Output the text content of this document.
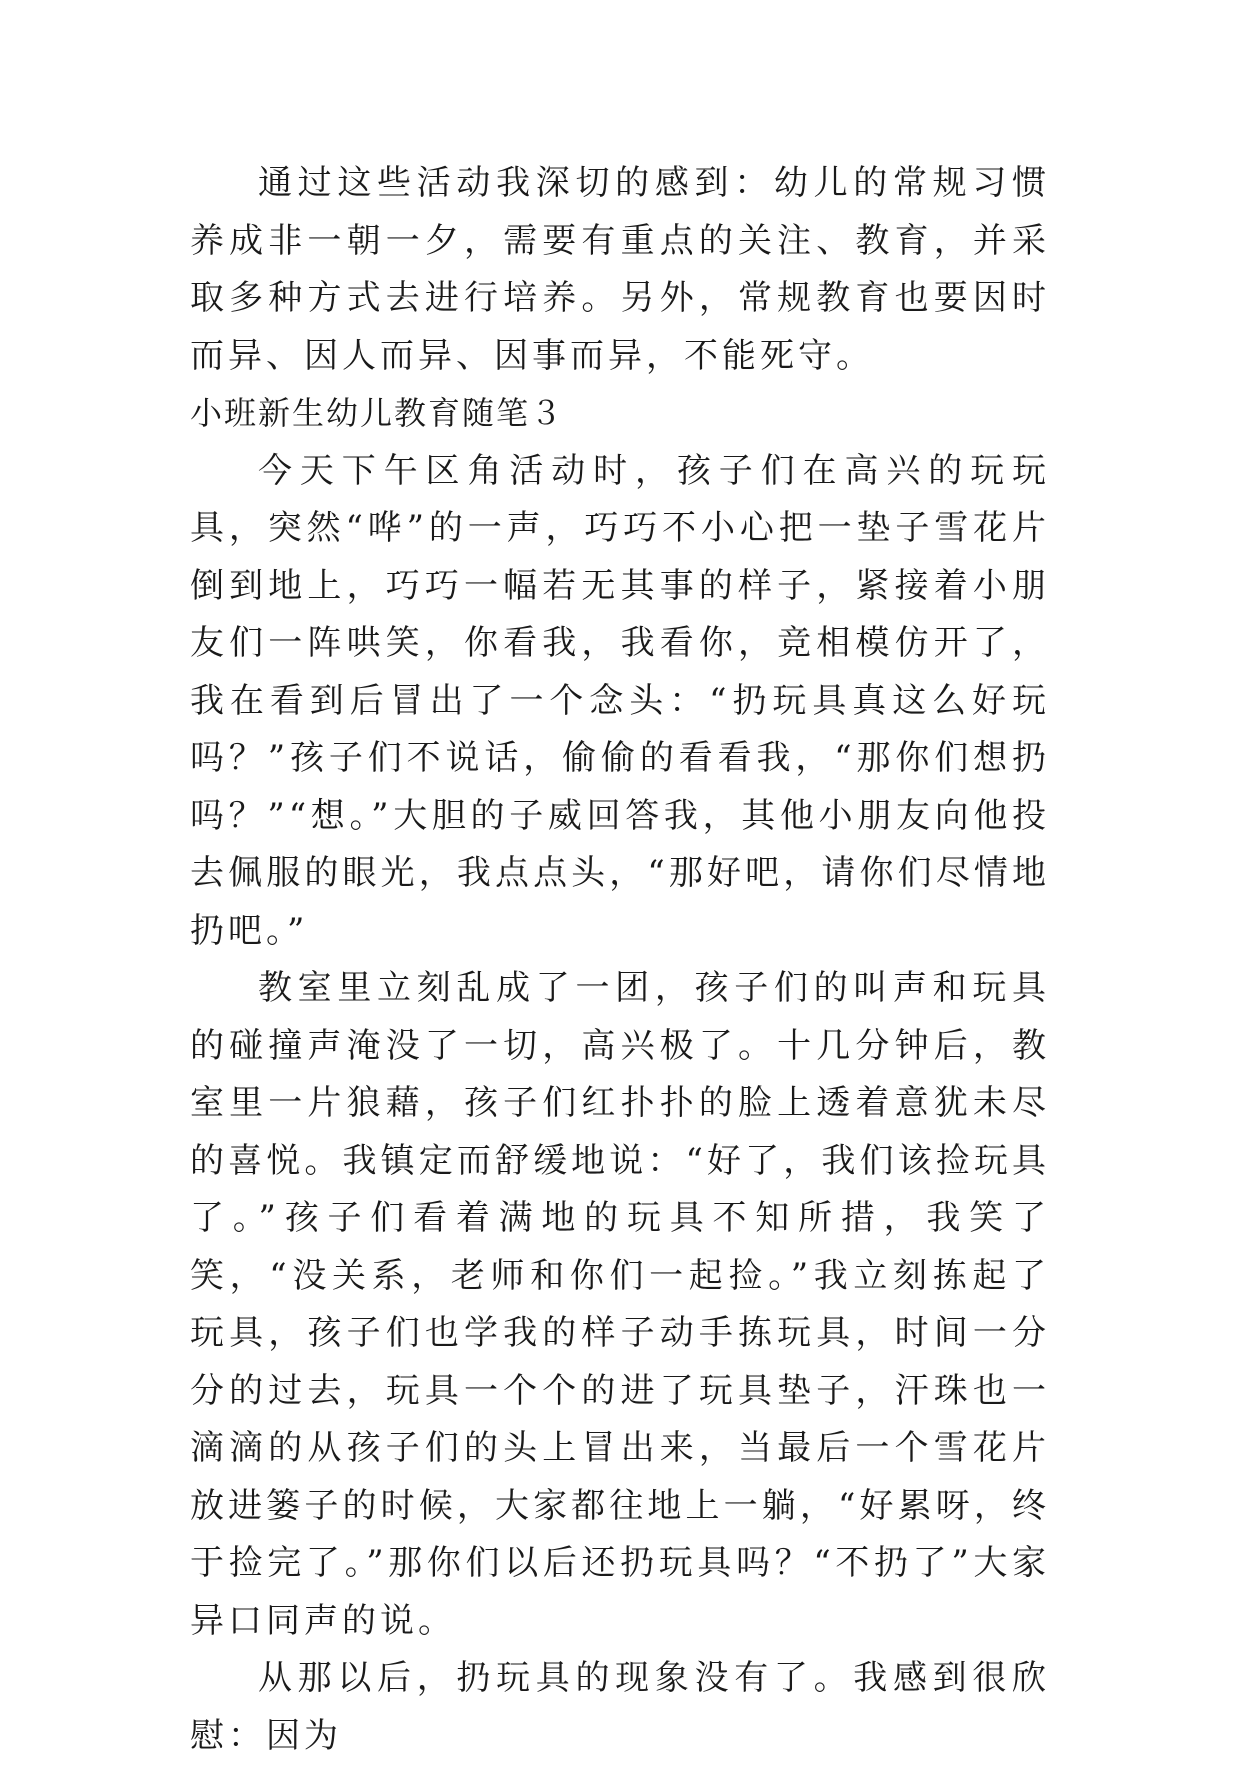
通过这些活动我深切的感到：幼儿的常规习惯养成非一朝一夕，需要有重点的关注、教育，并采取多种方式去进行培养。另外，常规教育也要因时而异、因人而异、因事而异，不能死守。

小班新生幼儿教育随笔３

今天下午区角活动时，孩子们在高兴的玩玩具，突然“哗”的一声，巧巧不小心把一垫子雪花片倒到地上，巧巧一幅若无其事的样子，紧接着小朋友们一阵哄笑，你看我，我看你，竞相模仿开了，我在看到后冒出了一个念头：“扔玩具真这么好玩吗？”孩子们不说话，偷偷的看看我，“那你们想扔吗？”“想。”大胆的子威回答我，其他小朋友向他投去佩服的眼光，我点点头，“那好吧，请你们尽情地扔吧。”

教室里立刻乱成了一团，孩子们的叫声和玩具的碰撞声淹没了一切，高兴极了。十几分钟后，教室里一片狼藉，孩子们红扑扑的脸上透着意犹未尽的喜悦。我镇定而舒缓地说：“好了，我们该捡玩具了。”孩子们看着满地的玩具不知所措，我笑了笑，“没关系，老师和你们一起捡。”我立刻拣起了玩具，孩子们也学我的样子动手拣玩具，时间一分分的过去，玩具一个个的进了玩具垫子，汗珠也一滴滴的从孩子们的头上冒出来，当最后一个雪花片放进篓子的时候，大家都往地上一躺，“好累呀，终于捡完了。”那你们以后还扔玩具吗？“不扔了”大家异口同声的说。

从那以后，扔玩具的现象没有了。我感到很欣慰：因为
